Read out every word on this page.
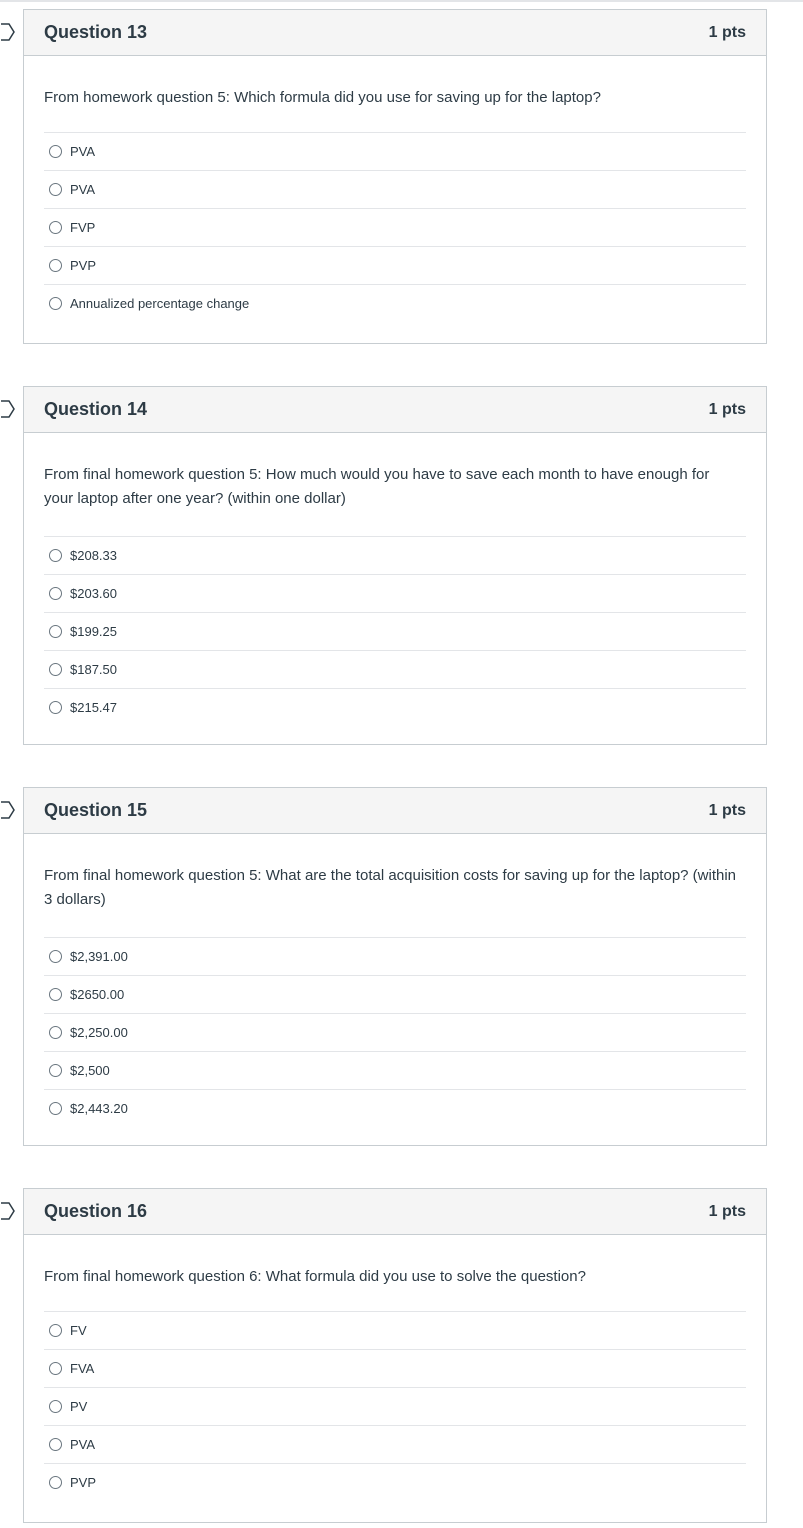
Question 13	1 pts

From homework question 5: Which formula did you use for saving up for the laptop?

PVA
PVA
FVP
PVP
Annualized percentage change
Question 14	1 pts

From final homework question 5: How much would you have to save each month to have enough for your laptop after one year? (within one dollar)

$208.33
$203.60
$199.25
$187.50
$215.47
Question 15	1 pts

From final homework question 5: What are the total acquisition costs for saving up for the laptop? (within 3 dollars)

$2,391.00
$2650.00
$2,250.00
$2,500
$2,443.20
Question 16	1 pts

From final homework question 6: What formula did you use to solve the question?

FV
FVA
PV
PVA
PVP
